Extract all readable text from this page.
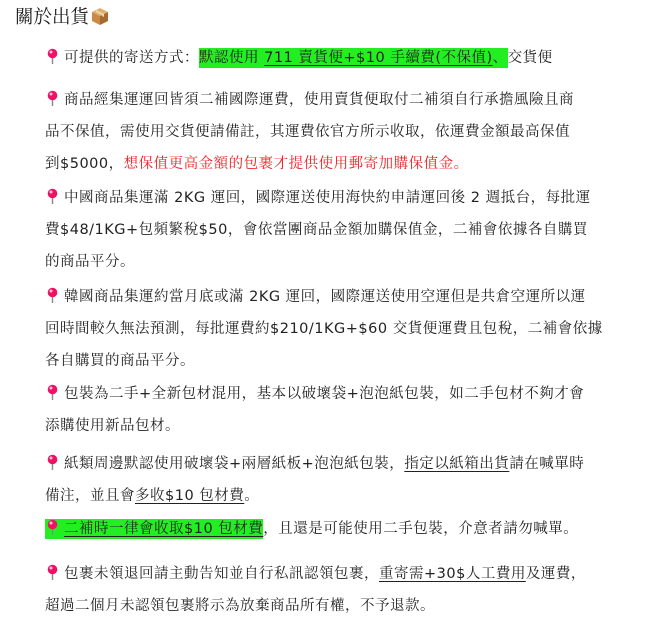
關於出貨
可提供的寄送方式：默認使用 711 賣貨便+$10 手續費(不保值)、交貨便
商品經集運運回皆須二補國際運費，使用賣貨便取付二補須自行承擔風險且商
品不保值，需使用交貨便請備註，其運費依官方所示收取，依運費金額最高保值
到$5000，想保值更高金額的包裹才提供使用郵寄加購保值金。
中國商品集運滿 2KG 運回，國際運送使用海快約申請運回後 2 週抵台，每批運
費$48/1KG+包頻繁稅$50，會依當團商品金額加購保值金，二補會依據各自購買
的商品平分。
韓國商品集運約當月底或滿 2KG 運回，國際運送使用空運但是共倉空運所以運
回時間較久無法預測，每批運費約$210/1KG+$60 交貨便運費且包稅，二補會依據
各自購買的商品平分。
包裝為二手+全新包材混用，基本以破壞袋+泡泡紙包裝，如二手包材不夠才會
添購使用新品包材。
紙類周邊默認使用破壞袋+兩層紙板+泡泡紙包裝，指定以紙箱出貨請在喊單時
備注，並且會多收$10 包材費。
二補時一律會收取$10 包材費，且還是可能使用二手包裝，介意者請勿喊單。
包裹未領退回請主動告知並自行私訊認領包裹，重寄需+30$人工費用及運費，
超過二個月未認領包裹將示為放棄商品所有權，不予退款。
